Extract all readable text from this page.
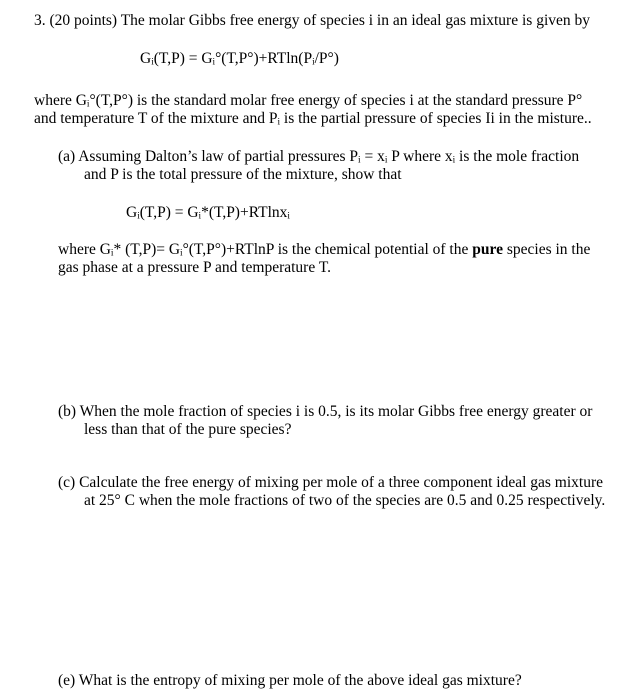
3. (20 points) The molar Gibbs free energy of species i in an ideal gas mixture is given by
Gᵢ(T,P) = Gᵢ°(T,P°)+RTln(Pᵢ/P°)
where Gᵢ°(T,P°) is the standard molar free energy of species i at the standard pressure P°
and temperature T of the mixture and Pᵢ is the partial pressure of species Ii in the misture..
(a) Assuming Dalton’s law of partial pressures Pᵢ = xᵢ P where xᵢ is the mole fraction
and P is the total pressure of the mixture, show that
Gᵢ(T,P) = Gᵢ*(T,P)+RTlnxᵢ
where Gᵢ* (T,P)= Gᵢ°(T,P°)+RTlnP is the chemical potential of the pure species in the
gas phase at a pressure P and temperature T.
(b) When the mole fraction of species i is 0.5, is its molar Gibbs free energy greater or
less than that of the pure species?
(c) Calculate the free energy of mixing per mole of a three component ideal gas mixture
at 25° C when the mole fractions of two of the species are 0.5 and 0.25 respectively.
(e) What is the entropy of mixing per mole of the above ideal gas mixture?
